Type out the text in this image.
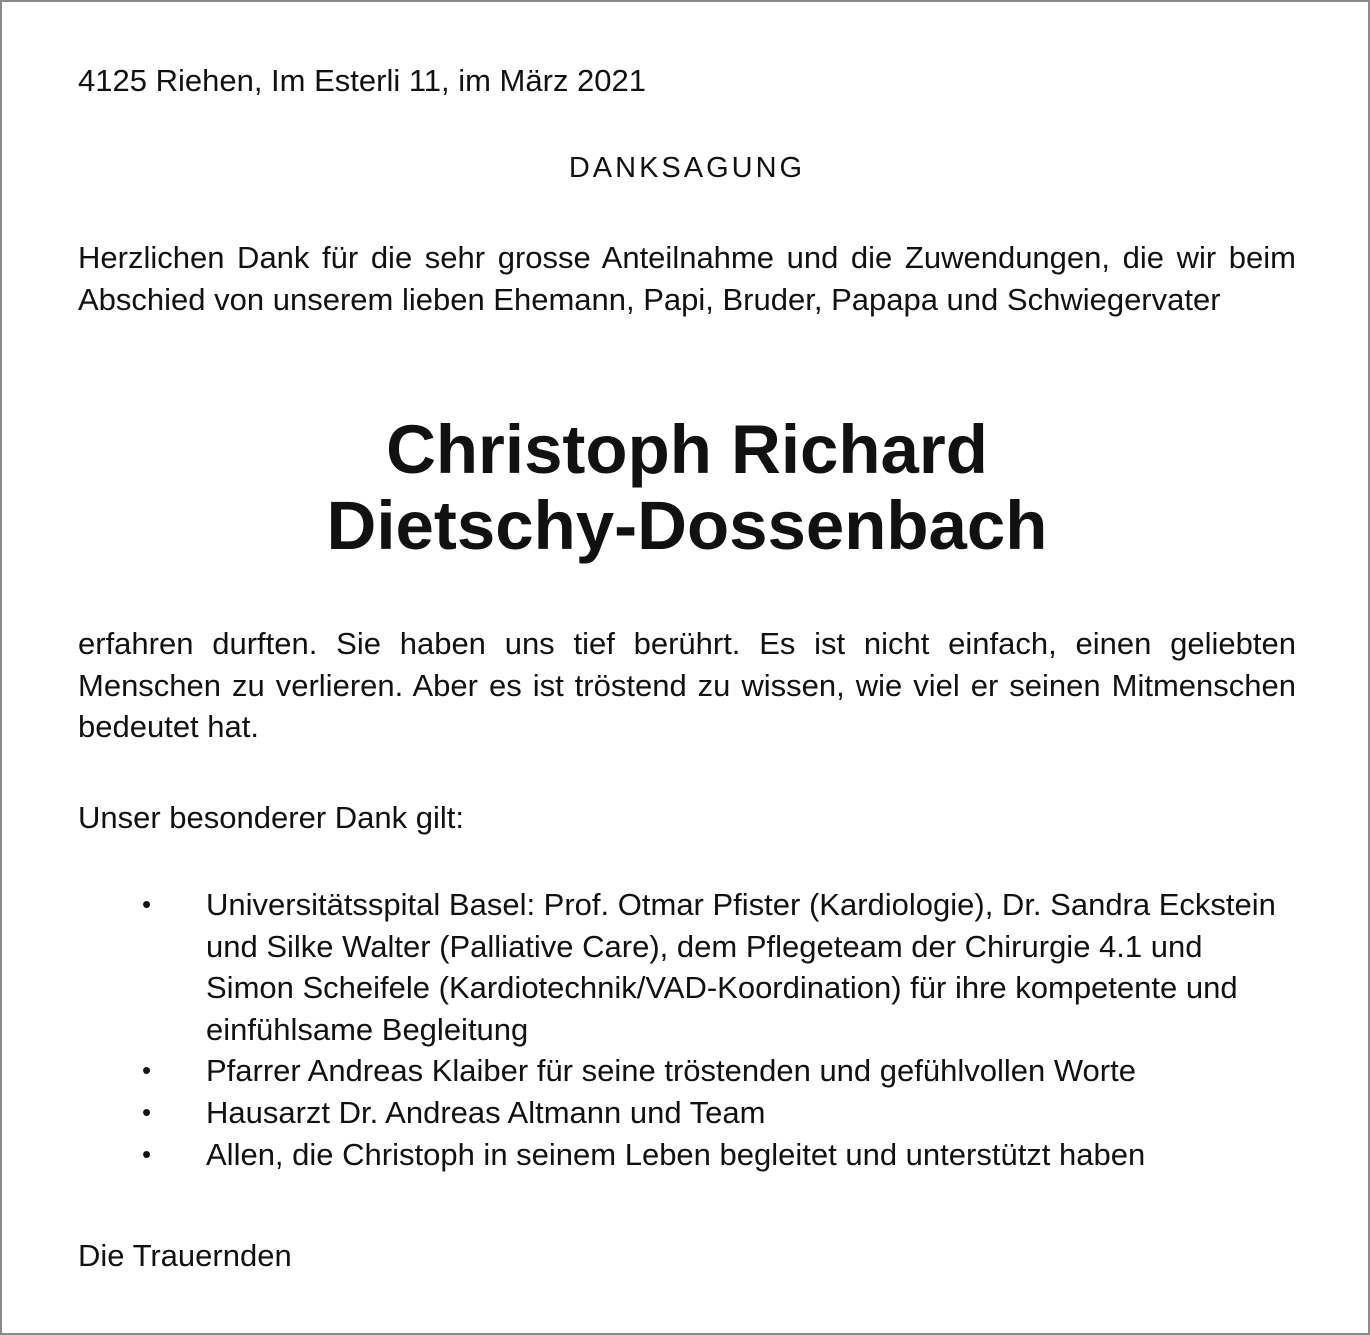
4125 Riehen, Im Esterli 11, im März 2021
DANKSAGUNG
Herzlichen Dank für die sehr grosse Anteilnahme und die Zuwendungen, die wir beim Abschied von unserem lieben Ehemann, Papi, Bruder, Papapa und Schwiegervater
Christoph Richard
Dietschy-Dossenbach
erfahren durften. Sie haben uns tief berührt. Es ist nicht einfach, einen geliebten Menschen zu verlieren. Aber es ist tröstend zu wissen, wie viel er seinen Mitmenschen bedeutet hat.
Unser besonderer Dank gilt:
• Universitätsspital Basel: Prof. Otmar Pfister (Kardiologie), Dr. Sandra Eckstein und Silke Walter (Palliative Care), dem Pflegeteam der Chirurgie 4.1 und Simon Scheifele (Kardiotechnik/VAD-Koordination) für ihre kompetente und einfühlsame Begleitung
• Pfarrer Andreas Klaiber für seine tröstenden und gefühlvollen Worte
• Hausarzt Dr. Andreas Altmann und Team
• Allen, die Christoph in seinem Leben begleitet und unterstützt haben
Die Trauernden
